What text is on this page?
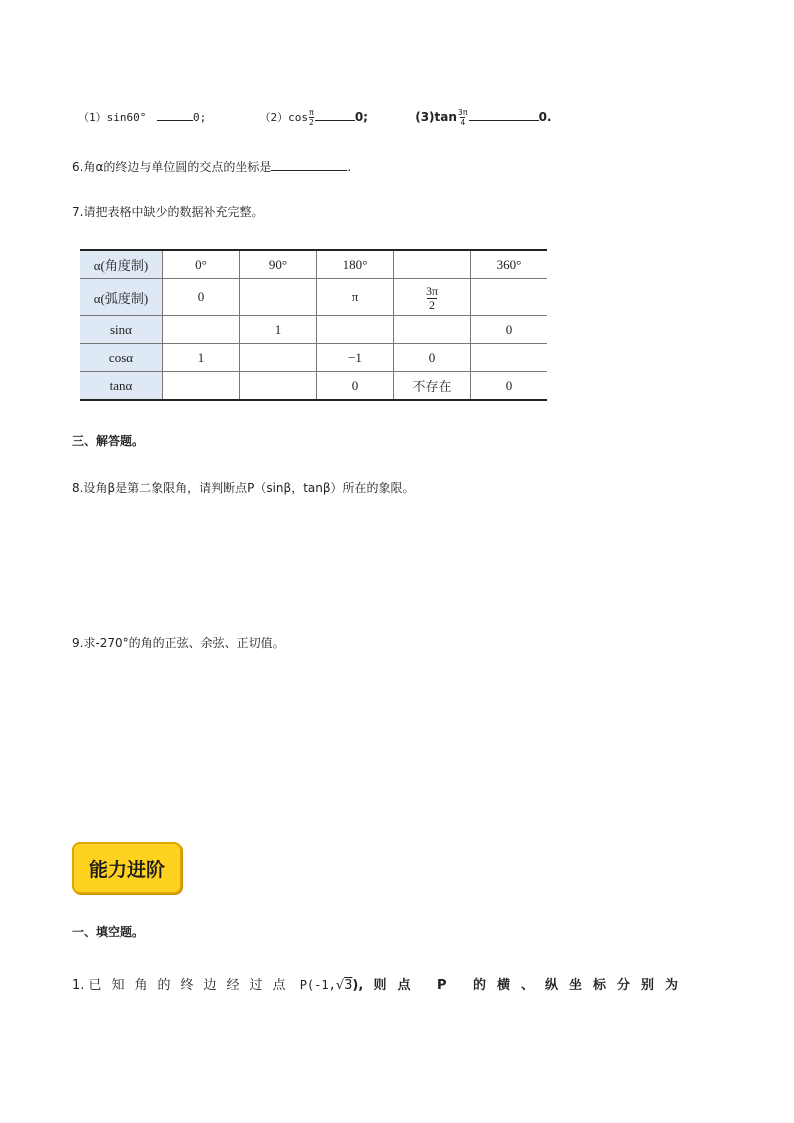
（1）sin60°	0;	$(2)\cos \frac{\pi}{2}$	0;	$(3)\tan \frac{3\pi}{4}$	0.
6.角α的终边与单位圆的交点的坐标是	.
7.请把表格中缺少的数据补充完整。
α(角度制)	0°	90°	180°		360°
α(弧度制)	0		π	$\frac{3\pi}{2}$

sinα		1			0
cosα	1		−1	0	
tanα			0	不存在	0
三、解答题。
8.设角β是第二象限角，请判断点P（sinβ，tanβ）所在的象限。
9.求-270°的角的正弦、余弦、正切值。
能力进阶
一、填空题。
1. 已知角的终边经过点 P(-1,√3), 则点 P 的横、纵坐标分别为
